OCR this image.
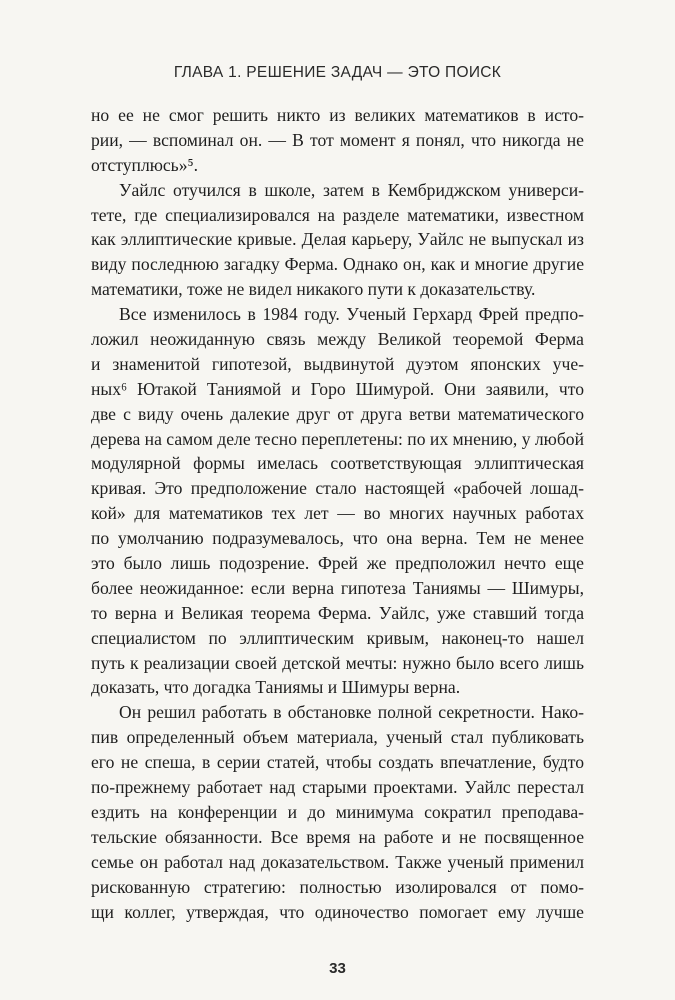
ГЛАВА 1. РЕШЕНИЕ ЗАДАЧ — ЭТО ПОИСК
но ее не смог решить никто из великих математиков в исто-
рии, — вспоминал он. — В тот момент я понял, что никогда не
отступлюсь»⁵.
Уайлс отучился в школе, затем в Кембриджском универси-
тете, где специализировался на разделе математики, известном
как эллиптические кривые. Делая карьеру, Уайлс не выпускал из
виду последнюю загадку Ферма. Однако он, как и многие другие
математики, тоже не видел никакого пути к доказательству.
Все изменилось в 1984 году. Ученый Герхард Фрей предпо-
ложил неожиданную связь между Великой теоремой Ферма
и знаменитой гипотезой, выдвинутой дуэтом японских уче-
ных⁶ Ютакой Таниямой и Горо Шимурой. Они заявили, что
две с виду очень далекие друг от друга ветви математического
дерева на самом деле тесно переплетены: по их мнению, у любой
модулярной формы имелась соответствующая эллиптическая
кривая. Это предположение стало настоящей «рабочей лошад-
кой» для математиков тех лет — во многих научных работах
по умолчанию подразумевалось, что она верна. Тем не менее
это было лишь подозрение. Фрей же предположил нечто еще
более неожиданное: если верна гипотеза Таниямы — Шимуры,
то верна и Великая теорема Ферма. Уайлс, уже ставший тогда
специалистом по эллиптическим кривым, наконец-то нашел
путь к реализации своей детской мечты: нужно было всего лишь
доказать, что догадка Таниямы и Шимуры верна.
Он решил работать в обстановке полной секретности. Нако-
пив определенный объем материала, ученый стал публиковать
его не спеша, в серии статей, чтобы создать впечатление, будто
по-прежнему работает над старыми проектами. Уайлс перестал
ездить на конференции и до минимума сократил преподава-
тельские обязанности. Все время на работе и не посвященное
семье он работал над доказательством. Также ученый применил
рискованную стратегию: полностью изолировался от помо-
щи коллег, утверждая, что одиночество помогает ему лучше
33
